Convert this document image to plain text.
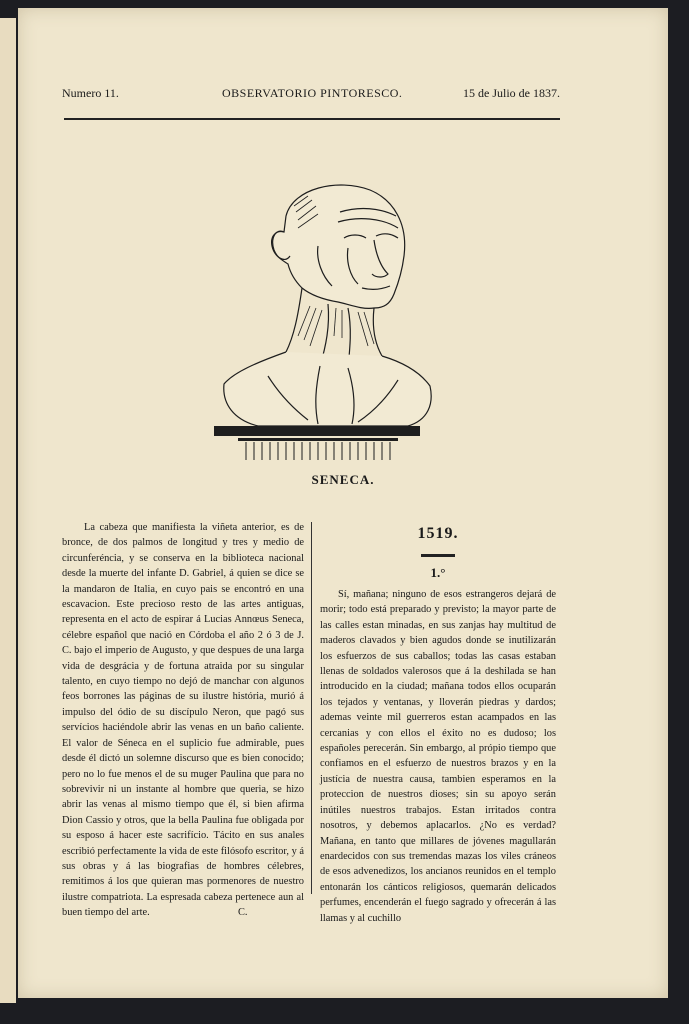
Numero 11.	OBSERVATORIO PINTORESCO.	15 de Julio de 1837.
SENECA.

La cabeza que manifiesta la viñeta anterior, es de bronce, de dos palmos de longitud y tres y medio de circunferéncia, y se conserva en la biblioteca nacional desde la muerte del infante D. Gabriel, á quien se dice se la mandaron de Italia, en cuyo pais se encontró en una escavacion. Este precioso resto de las artes antiguas, representa en el acto de espirar á Lucias Annœus Seneca, célebre español que nació en Córdoba el año 2 ó 3 de J. C. bajo el imperio de Augusto, y que despues de una larga vida de desgrácia y de fortuna atraida por su singular talento, en cuyo tiempo no dejó de manchar con algunos feos borrones las páginas de su ilustre história, murió á impulso del ódio de su discípulo Neron, que pagó sus servícios haciéndole abrir las venas en un baño caliente. El valor de Séneca en el suplicio fue admirable, pues desde él dictó un solemne discurso que es bien conocido; pero no lo fue menos el de su muger Paulina que para no sobrevivir ni un instante al hombre que queria, se hizo abrir las venas al mismo tiempo que él, si bien afirma Dion Cassio y otros, que la bella Paulina fue obligada por su esposo á hacer este sacrifício. Tácito en sus anales escribió perfectamente la vida de este filósofo escritor, y á sus obras y á las biografias de hombres célebres, remitimos á los que quieran mas pormenores de nuestro ilustre compatriota. La espresada cabeza pertenece aun al buen tiempo del arte.	C.
1519.
1.°

Sí, mañana; ninguno de esos estrangeros dejará de morir; todo está preparado y previsto; la mayor parte de las calles estan minadas, en sus zanjas hay multitud de maderos clavados y bien agudos donde se inutilizarán los esfuerzos de sus caballos; todas las casas estaban llenas de soldados valerosos que á la deshilada se han introducido en la ciudad; mañana todos ellos ocuparán los tejados y ventanas, y lloverán piedras y dardos; ademas veinte mil guerreros estan acampados en las cercanias y con ellos el éxito no es dudoso; los españoles perecerán. Sin embargo, al própio tiempo que confiamos en el esfuerzo de nuestros brazos y en la justícia de nuestra causa, tambien esperamos en la proteccion de nuestros dioses; sin su apoyo serán inútiles nuestros trabajos. Estan irritados contra nosotros, y debemos aplacarlos. ¿No es verdad? Mañana, en tanto que millares de jóvenes magullarán enardecidos con sus tremendas mazas los viles cráneos de esos advenedizos, los ancianos reunidos en el templo entonarán los cánticos religiosos, quemarán delicados perfumes, encenderán el fuego sagrado y ofrecerán á las llamas y al cuchillo
